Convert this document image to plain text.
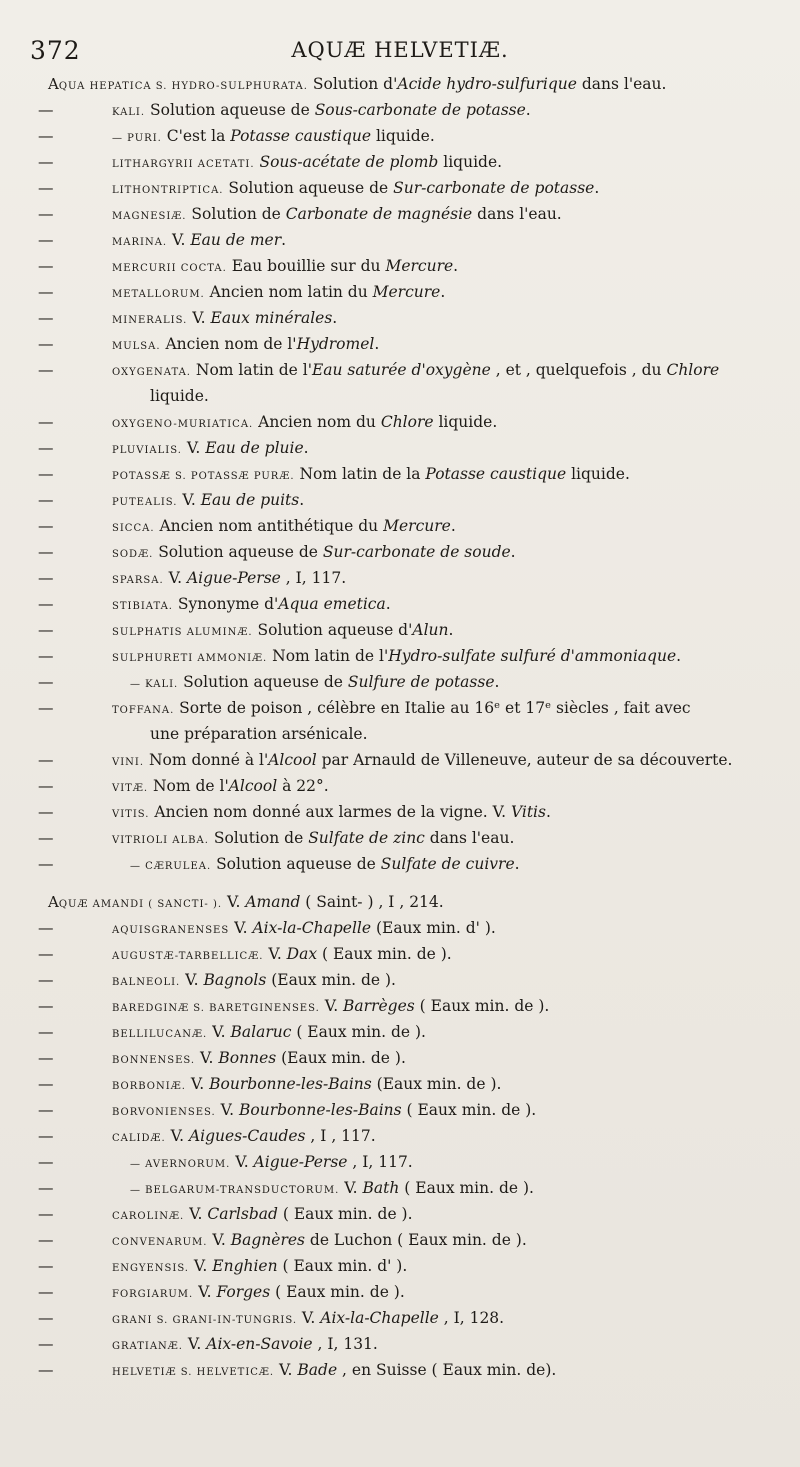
372	AQUÆ HELVETIÆ.
AQUA HEPATICA S. HYDRO-SULPHURATA. Solution d'Acide hydro-sulfurique dans l'eau.
—	KALI. Solution aqueuse de Sous-carbonate de potasse.
—	— PURI. C'est la Potasse caustique liquide.
—	LITHARGYRII ACETATI. Sous-acétate de plomb liquide.
—	LITHONTRIPTICA. Solution aqueuse de Sur-carbonate de potasse.
—	MAGNESIÆ. Solution de Carbonate de magnésie dans l'eau.
—	MARINA. V. Eau de mer.
—	MERCURII COCTA. Eau bouillie sur du Mercure.
—	METALLORUM. Ancien nom latin du Mercure.
—	MINERALIS. V. Eaux minérales.
—	MULSA. Ancien nom de l'Hydromel.
—	OXYGENATA. Nom latin de l'Eau saturée d'oxygène , et , quelquefois , du Chlore
liquide.
—	OXYGENO-MURIATICA. Ancien nom du Chlore liquide.
—	PLUVIALIS. V. Eau de pluie.
—	POTASSÆ S. POTASSÆ PURÆ. Nom latin de la Potasse caustique liquide.
—	PUTEALIS. V. Eau de puits.
—	SICCA. Ancien nom antithétique du Mercure.
—	SODÆ. Solution aqueuse de Sur-carbonate de soude.
—	SPARSA. V. Aigue-Perse , I, 117.
—	STIBIATA. Synonyme d'Aqua emetica.
—	SULPHATIS ALUMINÆ. Solution aqueuse d'Alun.
—	SULPHURETI AMMONIÆ. Nom latin de l'Hydro-sulfate sulfuré d'ammoniaque.
—	— KALI. Solution aqueuse de Sulfure de potasse.
—	TOFFANA. Sorte de poison , célèbre en Italie au 16ᵉ et 17ᵉ siècles , fait avec
une préparation arsénicale.
—	VINI. Nom donné à l'Alcool par Arnauld de Villeneuve, auteur de sa découverte.
—	VITÆ. Nom de l'Alcool à 22°.
—	VITIS. Ancien nom donné aux larmes de la vigne. V. Vitis.
—	VITRIOLI ALBA. Solution de Sulfate de zinc dans l'eau.
—	— CÆRULEA. Solution aqueuse de Sulfate de cuivre.
AQUÆ AMANDI ( SANCTI- ). V. Amand ( Saint- ) , I , 214.
—	AQUISGRANENSES V. Aix-la-Chapelle (Eaux min. d' ).
—	AUGUSTÆ-TARBELLICÆ. V. Dax ( Eaux min. de ).
—	BALNEOLI. V. Bagnols (Eaux min. de ).
—	BAREDGINÆ S. BARETGINENSES. V. Barrèges ( Eaux min. de ).
—	BELLILUCANÆ. V. Balaruc ( Eaux min. de ).
—	BONNENSES. V. Bonnes (Eaux min. de ).
—	BORBONIÆ. V. Bourbonne-les-Bains (Eaux min. de ).
—	BORVONIENSES. V. Bourbonne-les-Bains ( Eaux min. de ).
—	CALIDÆ. V. Aigues-Caudes , I , 117.
—	— AVERNORUM. V. Aigue-Perse , I, 117.
—	— BELGARUM-TRANSDUCTORUM. V. Bath ( Eaux min. de ).
—	CAROLINÆ. V. Carlsbad ( Eaux min. de ).
—	CONVENARUM. V. Bagnères de Luchon ( Eaux min. de ).
—	ENGYENSIS. V. Enghien ( Eaux min. d' ).
—	FORGIARUM. V. Forges ( Eaux min. de ).
—	GRANI S. GRANI-IN-TUNGRIS. V. Aix-la-Chapelle , I, 128.
—	GRATIANÆ. V. Aix-en-Savoie , I, 131.
—	HELVETIÆ S. HELVETICÆ. V. Bade , en Suisse ( Eaux min. de).
